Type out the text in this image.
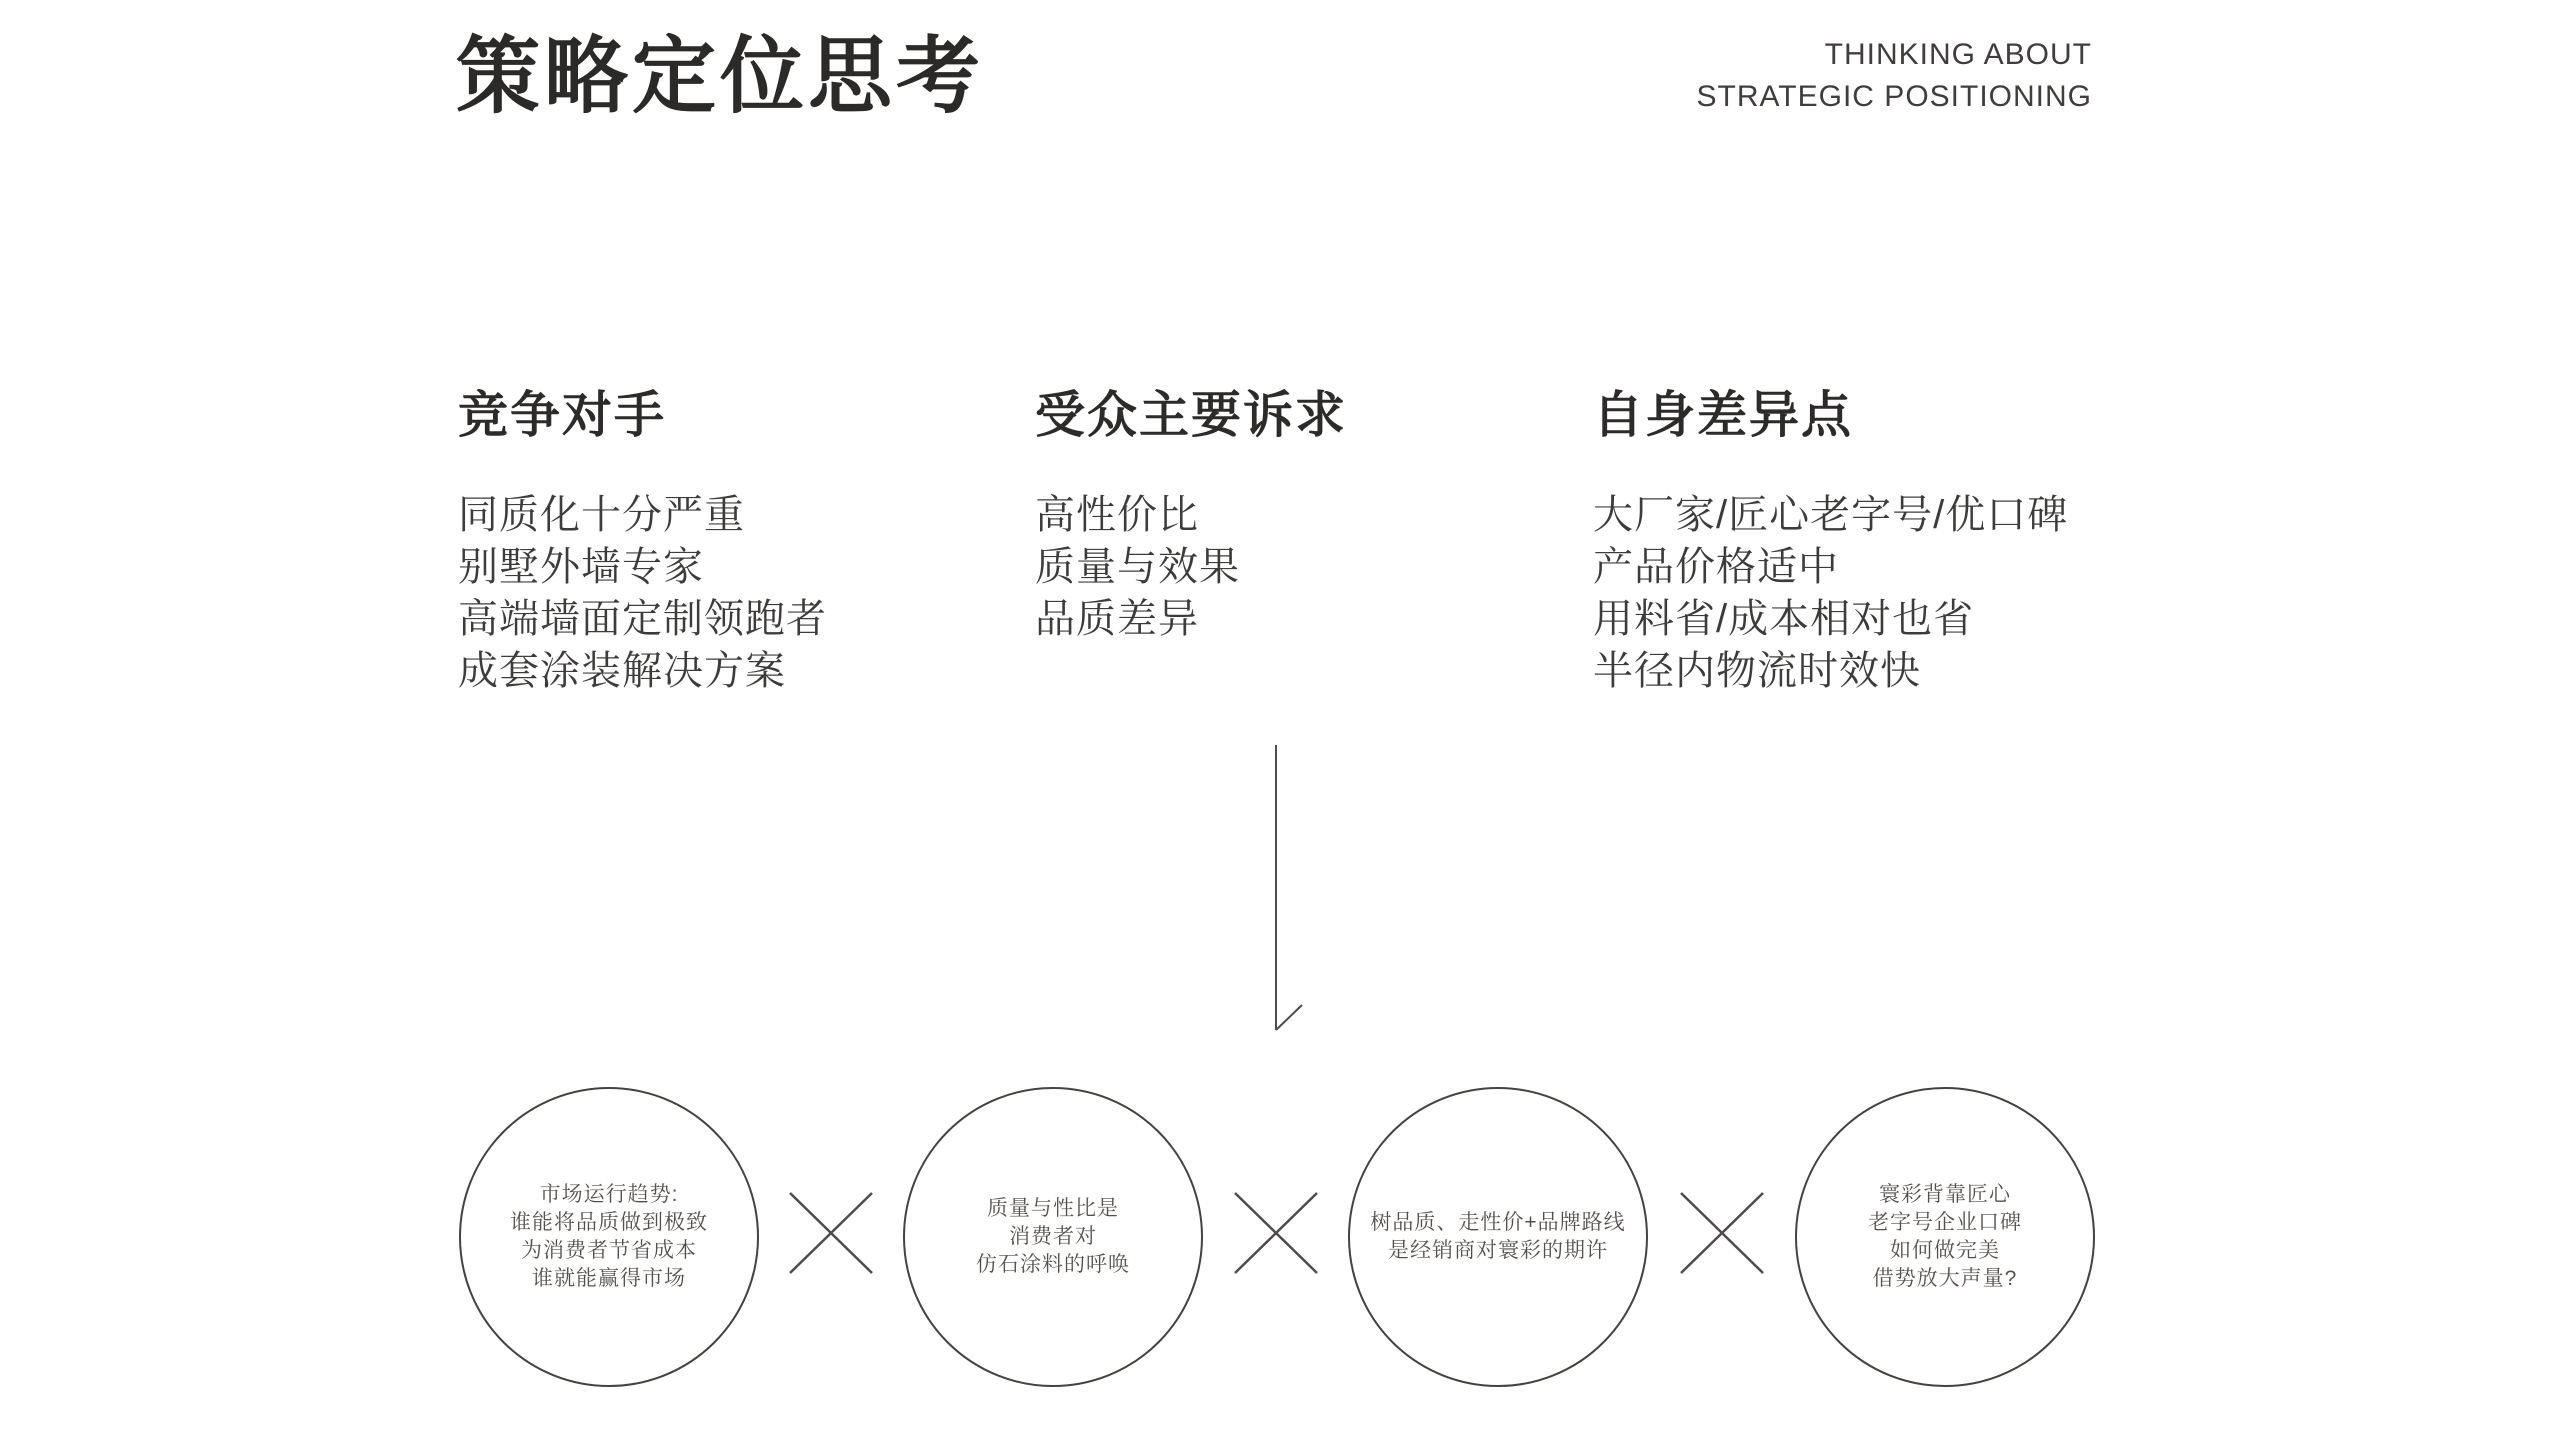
策略定位思考	THINKING ABOUT
STRATEGIC POSITIONING
竞争对手

同质化十分严重

别墅外墙专家

高端墙面定制领跑者

成套涂装解决方案

受众主要诉求

高性价比

质量与效果

品质差异

自身差异点

大厂家/匠心老字号/优口碑

产品价格适中

用料省/成本相对也省

半径内物流时效快

市场运行趋势:
谁能将品质做到极致
为消费者节省成本
谁就能赢得市场
质量与性比是
消费者对
仿石涂料的呼唤
树品质、走性价+品牌路线
是经销商对寰彩的期许
寰彩背靠匠心
老字号企业口碑
如何做完美
借势放大声量?
